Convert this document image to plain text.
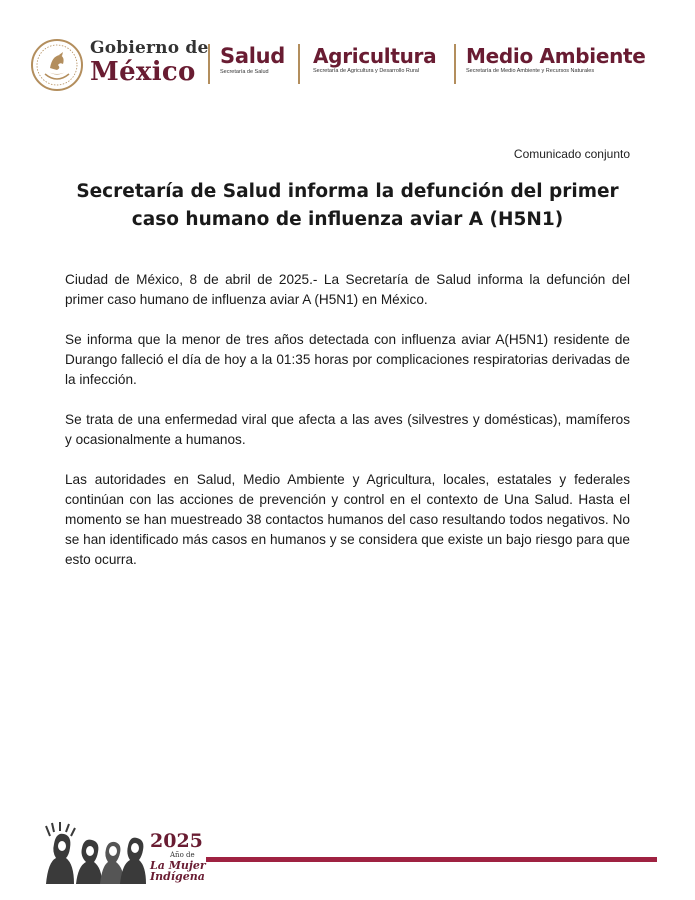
Gobierno de
México
Salud
Secretaría de Salud
Agricultura
Secretaría de Agricultura y Desarrollo Rural
Medio Ambiente
Secretaría de Medio Ambiente y Recursos Naturales
Comunicado conjunto
Secretaría de Salud informa la defunción del primer
caso humano de influenza aviar A (H5N1)

Ciudad de México, 8 de abril de 2025.- La Secretaría de Salud informa la defunción del primer caso humano de influenza aviar A (H5N1) en México.

Se informa que la menor de tres años detectada con influenza aviar A(H5N1) residente de Durango falleció el día de hoy a la 01:35 horas por complicaciones respiratorias derivadas de la infección.

Se trata de una enfermedad viral que afecta a las aves (silvestres y domésticas), mamíferos y ocasionalmente a humanos.

Las autoridades en Salud, Medio Ambiente y Agricultura, locales, estatales y federales continúan con las acciones de prevención y control en el contexto de Una Salud. Hasta el momento se han muestreado 38 contactos humanos del caso resultando todos negativos. No se han identificado más casos en humanos y se considera que existe un bajo riesgo para que esto ocurra.

2025
Año de
La Mujer
Indígena
